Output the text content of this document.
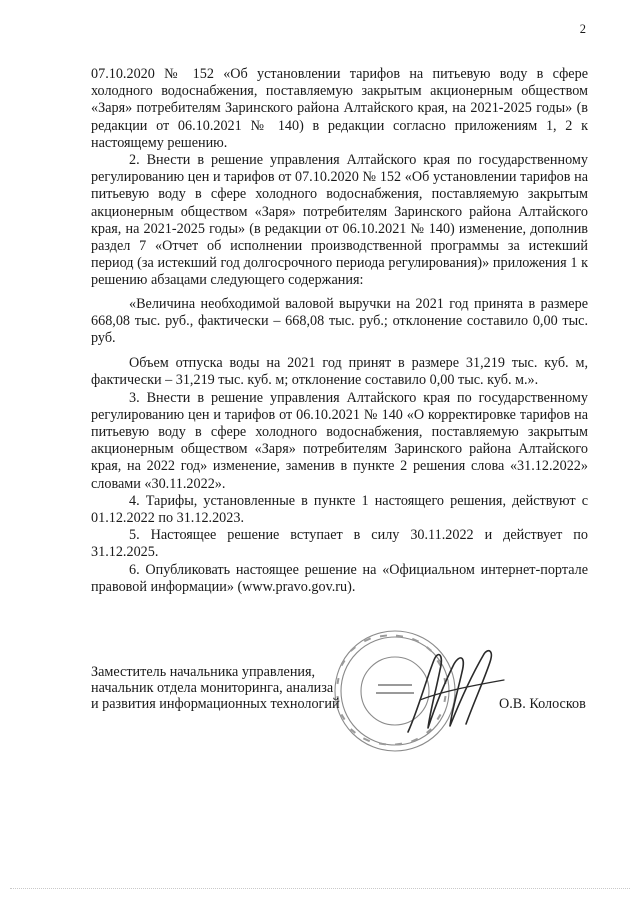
2

07.10.2020 № 152 «Об установлении тарифов на питьевую воду в сфере холодного водоснабжения, поставляемую закрытым акционерным обществом «Заря» потребителям Заринского района Алтайского края, на 2021-2025 годы» (в редакции от 06.10.2021 № 140) в редакции согласно приложениям 1, 2 к настоящему решению.

2. Внести в решение управления Алтайского края по государственному регулированию цен и тарифов от 07.10.2020 № 152 «Об установлении тарифов на питьевую воду в сфере холодного водоснабжения, поставляемую закрытым акционерным обществом «Заря» потребителям Заринского района Алтайского края, на 2021-2025 годы» (в редакции от 06.10.2021 № 140) изменение, дополнив раздел 7 «Отчет об исполнении производственной программы за истекший период (за истекший год долгосрочного периода регулирования)» приложения 1 к решению абзацами следующего содержания:

«Величина необходимой валовой выручки на 2021 год принята в размере 668,08 тыс. руб., фактически – 668,08 тыс. руб.; отклонение составило 0,00 тыс. руб.

Объем отпуска воды на 2021 год принят в размере 31,219 тыс. куб. м, фактически – 31,219 тыс. куб. м; отклонение составило 0,00 тыс. куб. м.».

3. Внести в решение управления Алтайского края по государственному регулированию цен и тарифов от 06.10.2021 № 140 «О корректировке тарифов на питьевую воду в сфере холодного водоснабжения, поставляемую закрытым акционерным обществом «Заря» потребителям Заринского района Алтайского края, на 2022 год» изменение, заменив в пункте 2 решения слова «31.12.2022» словами «30.11.2022».

4. Тарифы, установленные в пункте 1 настоящего решения, действуют с 01.12.2022 по 31.12.2023.

5. Настоящее решение вступает в силу 30.11.2022 и действует по 31.12.2025.

6. Опубликовать настоящее решение на «Официальном интернет-портале правовой информации» (www.pravo.gov.ru).

Заместитель начальника управления,
начальник отдела мониторинга, анализа
и развития информационных технологий	О.В. Колосков
